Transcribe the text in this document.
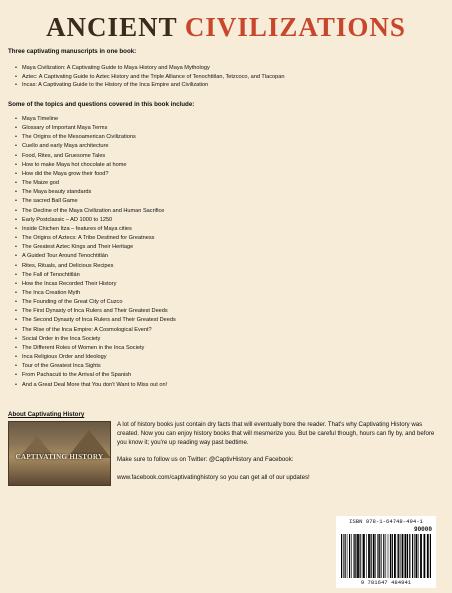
ANCIENT CIVILIZATIONS
Three captivating manuscripts in one book:
• Maya Civilization: A Captivating Guide to Maya History and Maya Mythology
• Aztec: A Captivating Guide to Aztec History and the Triple Alliance of Tenochtitlan, Tetzcoco, and Tlacopan
• Incas: A Captivating Guide to the History of the Inca Empire and Civilization
Some of the topics and questions covered in this book include:
• Maya Timeline
• Glossary of Important Maya Terms
• The Origins of the Mesoamerican Civilizations
• Cuello and early Maya architecture
• Food, Rites, and Gruesome Tales
• How to make Maya hot chocolate at home
• How did the Maya grow their food?
• The Maize god
• The Maya beauty standards
• The sacred Ball Game
• The Decline of the Maya Civilization and Human Sacrifice
• Early Postclassic – AD 1000 to 1250
• Inside Chichen Itza – features of Maya cities
• The Origins of Aztecs: A Tribe Destined for Greatness
• The Greatest Aztec Kings and Their Heritage
• A Guided Tour Around Tenochtitlán
• Rites, Rituals, and Delicious Recipes
• The Fall of Tenochtitlán
• How the Incas Recorded Their History
• The Inca Creation Myth
• The Founding of the Great City of Cuzco
• The First Dynasty of Inca Rulers and Their Greatest Deeds
• The Second Dynasty of Inca Rulers and Their Greatest Deeds
• The Rise of the Inca Empire: A Cosmological Event?
• Social Order in the Inca Society
• The Different Roles of Women in the Inca Society
• Inca Religious Order and Ideology
• Tour of the Greatest Inca Sights
• From Pachacuti to the Arrival of the Spanish
• And a Great Deal More that You don't Want to Miss out on!
About Captivating History
CAPTIVATING HISTORY

A lot of history books just contain dry facts that will eventually bore the reader. That's why Captivating History was created. Now you can enjoy history books that will mesmerize you. But be careful though, hours can fly by, and before you know it; you're up reading way past bedtime.

Make sure to follow us on Twitter: @CaptivHistory and Facebook:

www.facebook.com/captivatinghistory so you can get all of our updates!

ISBN 978-1-64748-494-1
90000
9 781647 484941
